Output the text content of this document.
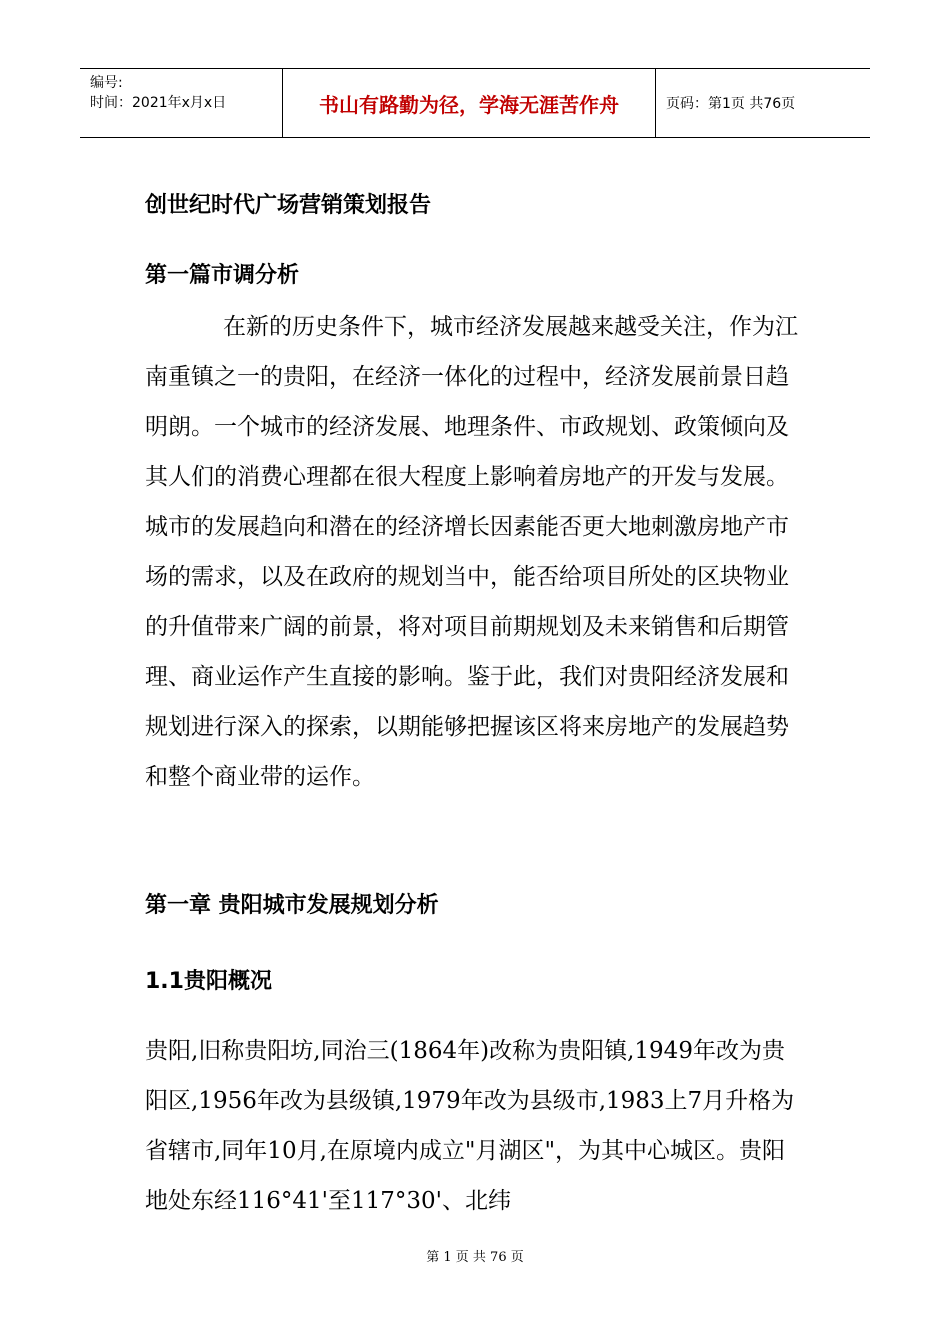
编号:
时间：2021年x月x日	书山有路勤为径，学海无涯苦作舟	页码：第1页 共76页
创世纪时代广场营销策划报告
第一篇市调分析

在新的历史条件下，城市经济发展越来越受关注，作为江南重镇之一的贵阳，在经济一体化的过程中，经济发展前景日趋明朗。一个城市的经济发展、地理条件、市政规划、政策倾向及其人们的消费心理都在很大程度上影响着房地产的开发与发展。城市的发展趋向和潜在的经济增长因素能否更大地刺激房地产市场的需求，以及在政府的规划当中，能否给项目所处的区块物业的升值带来广阔的前景，将对项目前期规划及未来销售和后期管理、商业运作产生直接的影响。鉴于此，我们对贵阳经济发展和规划进行深入的探索，以期能够把握该区将来房地产的发展趋势和整个商业带的运作。

第一章 贵阳城市发展规划分析
1.1贵阳概况

贵阳,旧称贵阳坊,同治三(1864年)改称为贵阳镇,1949年改为贵阳区,1956年改为县级镇,1979年改为县级市,1983上7月升格为省辖市,同年10月,在原境内成立"月湖区"，为其中心城区。贵阳地处东经116°41'至117°30'、北纬

第 1 页 共 76 页
